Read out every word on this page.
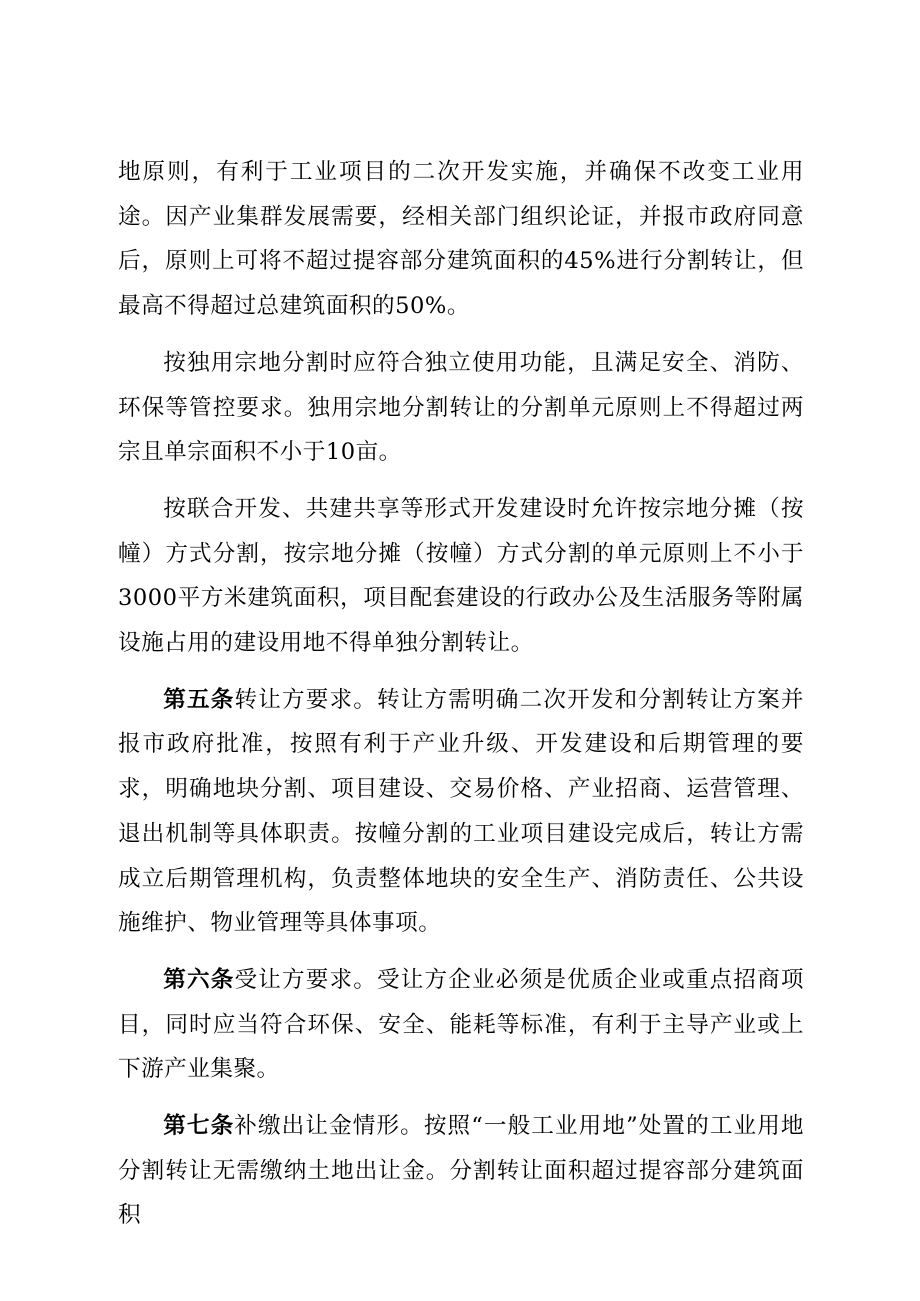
地原则，有利于工业项目的二次开发实施，并确保不改变工业用途。因产业集群发展需要，经相关部门组织论证，并报市政府同意后，原则上可将不超过提容部分建筑面积的45%进行分割转让，但最高不得超过总建筑面积的50%。

按独用宗地分割时应符合独立使用功能，且满足安全、消防、环保等管控要求。独用宗地分割转让的分割单元原则上不得超过两宗且单宗面积不小于10亩。

按联合开发、共建共享等形式开发建设时允许按宗地分摊（按幢）方式分割，按宗地分摊（按幢）方式分割的单元原则上不小于3000平方米建筑面积，项目配套建设的行政办公及生活服务等附属设施占用的建设用地不得单独分割转让。

第五条转让方要求。转让方需明确二次开发和分割转让方案并报市政府批准，按照有利于产业升级、开发建设和后期管理的要求，明确地块分割、项目建设、交易价格、产业招商、运营管理、退出机制等具体职责。按幢分割的工业项目建设完成后，转让方需成立后期管理机构，负责整体地块的安全生产、消防责任、公共设施维护、物业管理等具体事项。

第六条受让方要求。受让方企业必须是优质企业或重点招商项目，同时应当符合环保、安全、能耗等标准，有利于主导产业或上下游产业集聚。

第七条补缴出让金情形。按照“一般工业用地”处置的工业用地分割转让无需缴纳土地出让金。分割转让面积超过提容部分建筑面积
